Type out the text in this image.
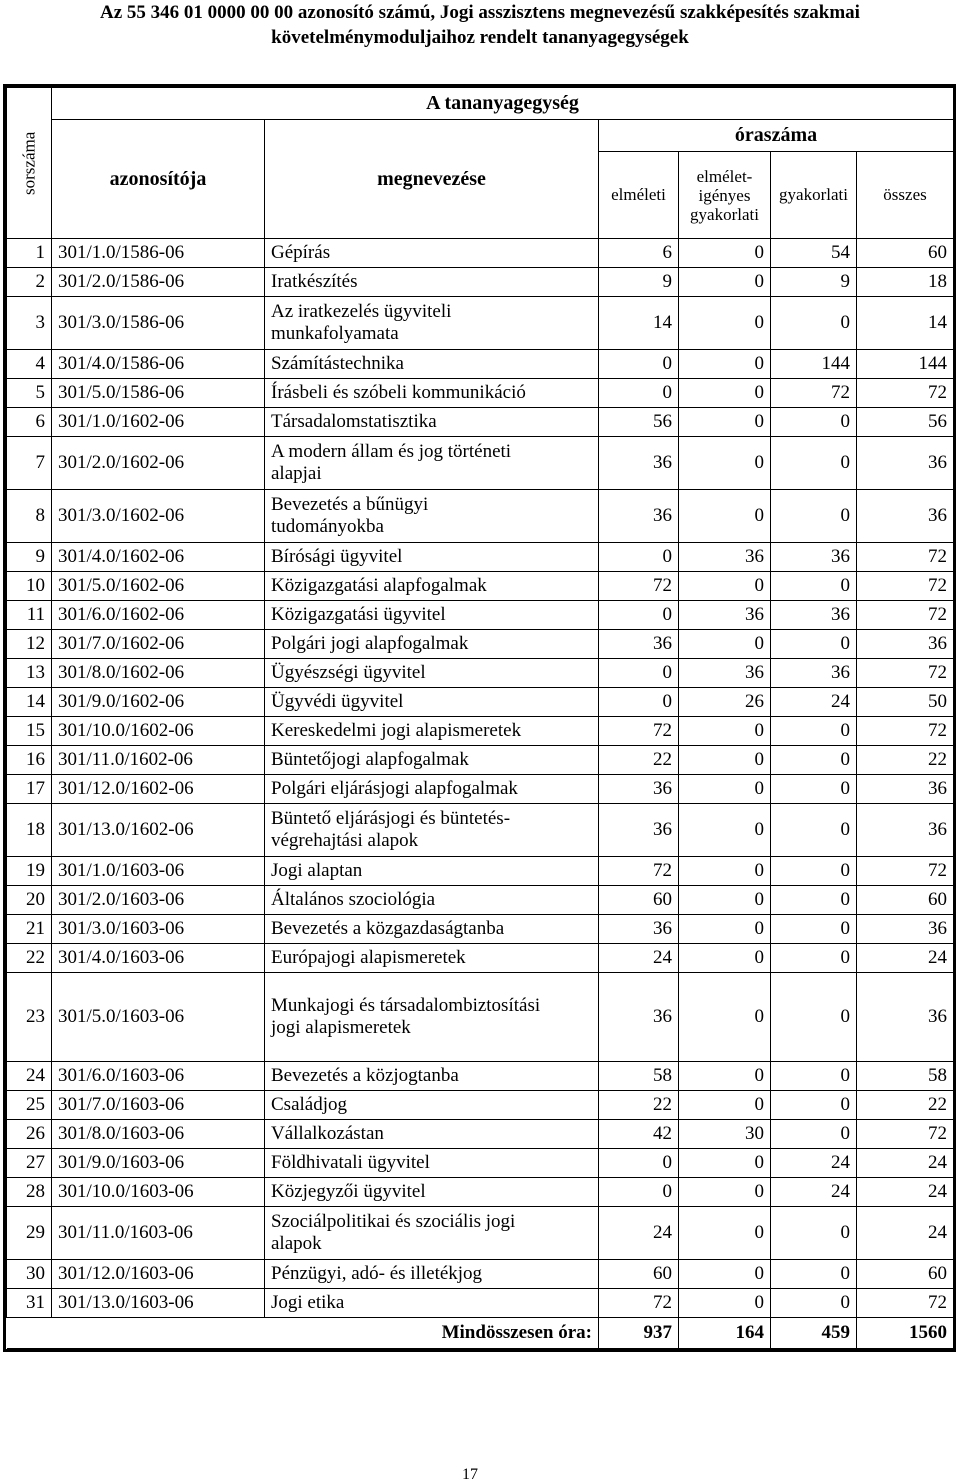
Az 55 346 01 0000 00 00 azonosító számú, Jogi asszisztens megnevezésű szakképesítés szakmai
követelménymoduljaihoz rendelt tananyagegységek
sorszáma	A tananyagegység					
	azonosítója	megnevezése	óraszáma			
			elméleti	elmélet-
igényes
gyakorlati	gyakorlati	összes
1	301/1.0/1586-06	Gépírás	6	0	54	60
2	301/2.0/1586-06	Iratkészítés	9	0	9	18
3	301/3.0/1586-06	Az iratkezelés ügyviteli
munkafolyamata	14	0	0	14
4	301/4.0/1586-06	Számítástechnika	0	0	144	144
5	301/5.0/1586-06	Írásbeli és szóbeli kommunikáció	0	0	72	72
6	301/1.0/1602-06	Társadalomstatisztika	56	0	0	56
7	301/2.0/1602-06	A modern állam és jog történeti
alapjai	36	0	0	36
8	301/3.0/1602-06	Bevezetés a bűnügyi
tudományokba	36	0	0	36
9	301/4.0/1602-06	Bírósági ügyvitel	0	36	36	72
10	301/5.0/1602-06	Közigazgatási alapfogalmak	72	0	0	72
11	301/6.0/1602-06	Közigazgatási ügyvitel	0	36	36	72
12	301/7.0/1602-06	Polgári jogi alapfogalmak	36	0	0	36
13	301/8.0/1602-06	Ügyészségi ügyvitel	0	36	36	72
14	301/9.0/1602-06	Ügyvédi ügyvitel	0	26	24	50
15	301/10.0/1602-06	Kereskedelmi jogi alapismeretek	72	0	0	72
16	301/11.0/1602-06	Büntetőjogi alapfogalmak	22	0	0	22
17	301/12.0/1602-06	Polgári eljárásjogi alapfogalmak	36	0	0	36
18	301/13.0/1602-06	Büntető eljárásjogi és büntetés-
végrehajtási alapok	36	0	0	36
19	301/1.0/1603-06	Jogi alaptan	72	0	0	72
20	301/2.0/1603-06	Általános szociológia	60	0	0	60
21	301/3.0/1603-06	Bevezetés a közgazdaságtanba	36	0	0	36
22	301/4.0/1603-06	Európajogi alapismeretek	24	0	0	24
23	301/5.0/1603-06	Munkajogi és társadalombiztosítási
jogi alapismeretek	36	0	0	36
24	301/6.0/1603-06	Bevezetés a közjogtanba	58	0	0	58
25	301/7.0/1603-06	Családjog	22	0	0	22
26	301/8.0/1603-06	Vállalkozástan	42	30	0	72
27	301/9.0/1603-06	Földhivatali ügyvitel	0	0	24	24
28	301/10.0/1603-06	Közjegyzői ügyvitel	0	0	24	24
29	301/11.0/1603-06	Szociálpolitikai és szociális jogi
alapok	24	0	0	24
30	301/12.0/1603-06	Pénzügyi, adó- és illetékjog	60	0	0	60
31	301/13.0/1603-06	Jogi etika	72	0	0	72
Mindösszesen óra:			937	164	459	1560
17
